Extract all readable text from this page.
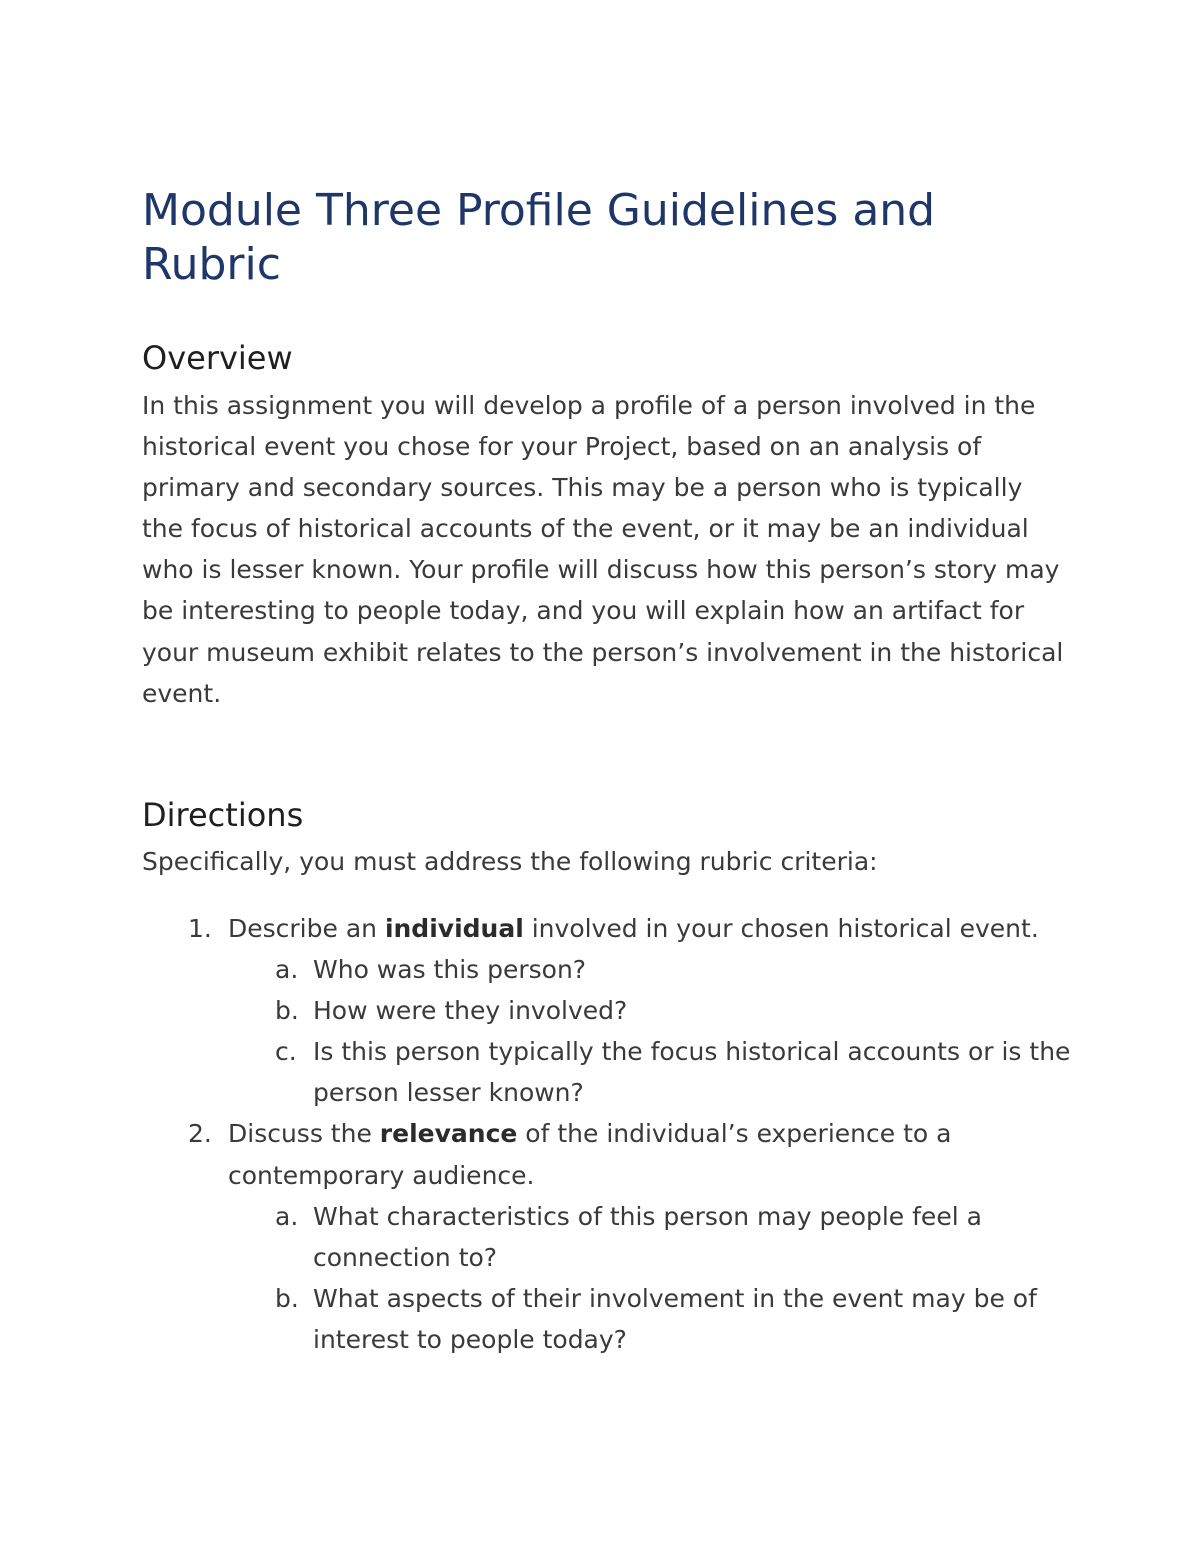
Module Three Profile Guidelines and Rubric
Overview

In this assignment you will develop a profile of a person involved in the historical event you chose for your Project, based on an analysis of primary and secondary sources. This may be a person who is typically the focus of historical accounts of the event, or it may be an individual who is lesser known. Your profile will discuss how this person’s story may be interesting to people today, and you will explain how an artifact for your museum exhibit relates to the person’s involvement in the historical event.

Directions

Specifically, you must address the following rubric criteria:

1. Describe an individual involved in your chosen historical event.
a. Who was this person?
b. How were they involved?
c. Is this person typically the focus historical accounts or is the person lesser known?
2. Discuss the relevance of the individual’s experience to a contemporary audience.
a. What characteristics of this person may people feel a connection to?
b. What aspects of their involvement in the event may be of interest to people today?
